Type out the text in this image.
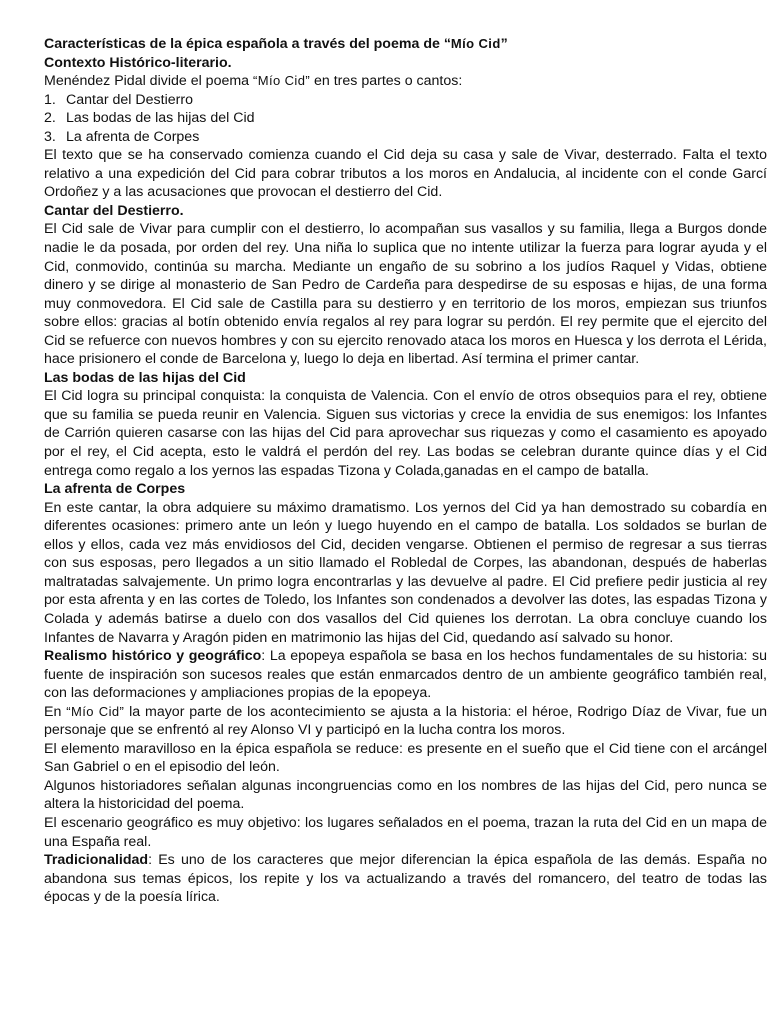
Características de la épica española a través del poema de “Mío Cid”

Contexto Histórico-literario.

Menéndez Pidal divide el poema “Mío Cid” en tres partes o cantos:

1. Cantar del Destierro
2. Las bodas de las hijas del Cid
3. La afrenta de Corpes

El texto que se ha conservado comienza cuando el Cid deja su casa y sale de Vivar, desterrado. Falta el texto relativo a una expedición del Cid para cobrar tributos a los moros en Andalucia, al incidente con el conde Garcí Ordoñez y a las acusaciones que provocan el destierro del Cid.

Cantar del Destierro.

El Cid sale de Vivar para cumplir con el destierro, lo acompañan sus vasallos y su familia, llega a Burgos donde nadie le da posada, por orden del rey. Una niña lo suplica que no intente utilizar la fuerza para lograr ayuda y el Cid, conmovido, continúa su marcha. Mediante un engaño de su sobrino a los judíos Raquel y Vidas, obtiene dinero y se dirige al monasterio de San Pedro de Cardeña para despedirse de su esposas e hijas, de una forma muy conmovedora. El Cid sale de Castilla para su destierro y en territorio de los moros, empiezan sus triunfos sobre ellos: gracias al botín obtenido envía regalos al rey para lograr su perdón. El rey permite que el ejercito del Cid se refuerce con nuevos hombres y con su ejercito renovado ataca los moros en Huesca y los derrota el Lérida, hace prisionero el conde de Barcelona y, luego lo deja en libertad. Así termina el primer cantar.

Las bodas de las hijas del Cid

El Cid logra su principal conquista: la conquista de Valencia. Con el envío de otros obsequios para el rey, obtiene que su familia se pueda reunir en Valencia. Siguen sus victorias y crece la envidia de sus enemigos: los Infantes de Carrión quieren casarse con las hijas del Cid para aprovechar sus riquezas y como el casamiento es apoyado por el rey, el Cid acepta, esto le valdrá el perdón del rey. Las bodas se celebran durante quince días y el Cid entrega como regalo a los yernos las espadas Tizona y Colada,ganadas en el campo de batalla.

La afrenta de Corpes

En este cantar, la obra adquiere su máximo dramatismo. Los yernos del Cid ya han demostrado su cobardía en diferentes ocasiones: primero ante un león y luego huyendo en el campo de batalla. Los soldados se burlan de ellos y ellos, cada vez más envidiosos del Cid, deciden vengarse. Obtienen el permiso de regresar a sus tierras con sus esposas, pero llegados a un sitio llamado el Robledal de Corpes, las abandonan, después de haberlas maltratadas salvajemente. Un primo logra encontrarlas y las devuelve al padre. El Cid prefiere pedir justicia al rey por esta afrenta y en las cortes de Toledo, los Infantes son condenados a devolver las dotes, las espadas Tizona y Colada y además batirse a duelo con dos vasallos del Cid quienes los derrotan. La obra concluye cuando los Infantes de Navarra y Aragón piden en matrimonio las hijas del Cid, quedando así salvado su honor.

Realismo histórico y geográfico: La epopeya española se basa en los hechos fundamentales de su historia: su fuente de inspiración son sucesos reales que están enmarcados dentro de un ambiente geográfico también real, con las deformaciones y ampliaciones propias de la epopeya.

En “Mío Cid” la mayor parte de los acontecimiento se ajusta a la historia: el héroe, Rodrigo Díaz de Vivar, fue un personaje que se enfrentó al rey Alonso VI y participó en la lucha contra los moros.

El elemento maravilloso en la épica española se reduce: es presente en el sueño que el Cid tiene con el arcángel San Gabriel o en el episodio del león.

Algunos historiadores señalan algunas incongruencias como en los nombres de las hijas del Cid, pero nunca se altera la historicidad del poema.

El escenario geográfico es muy objetivo: los lugares señalados en el poema, trazan la ruta del Cid en un mapa de una España real.

Tradicionalidad: Es uno de los caracteres que mejor diferencian la épica española de las demás. España no abandona sus temas épicos, los repite y los va actualizando a través del romancero, del teatro de todas las épocas y de la poesía lírica.
